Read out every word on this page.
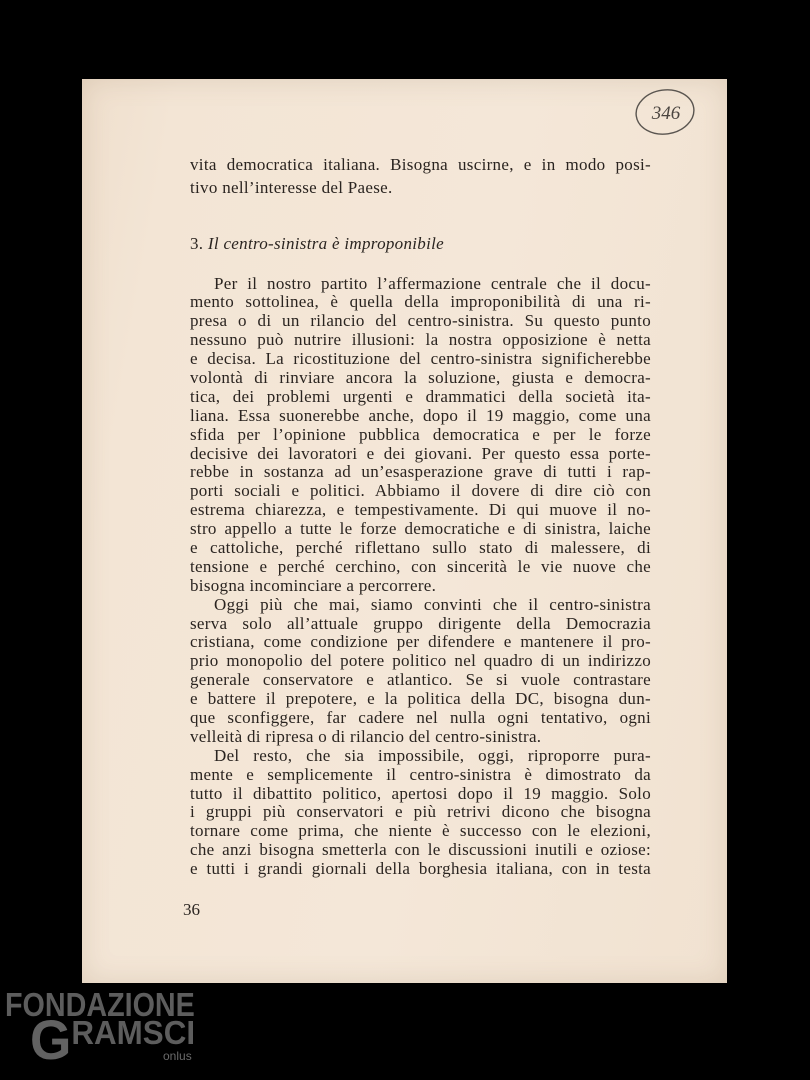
346
vita democratica italiana. Bisogna uscirne, e in modo posi-
tivo nell’interesse del Paese.
3. Il centro-sinistra è improponibile
Per il nostro partito l’affermazione centrale che il docu-
mento sottolinea, è quella della improponibilità di una ri-
presa o di un rilancio del centro-sinistra. Su questo punto
nessuno può nutrire illusioni: la nostra opposizione è netta
e decisa. La ricostituzione del centro-sinistra significherebbe
volontà di rinviare ancora la soluzione, giusta e democra-
tica, dei problemi urgenti e drammatici della società ita-
liana. Essa suonerebbe anche, dopo il 19 maggio, come una
sfida per l’opinione pubblica democratica e per le forze
decisive dei lavoratori e dei giovani. Per questo essa porte-
rebbe in sostanza ad un’esasperazione grave di tutti i rap-
porti sociali e politici. Abbiamo il dovere di dire ciò con
estrema chiarezza, e tempestivamente. Di qui muove il no-
stro appello a tutte le forze democratiche e di sinistra, laiche
e cattoliche, perché riflettano sullo stato di malessere, di
tensione e perché cerchino, con sincerità le vie nuove che
bisogna incominciare a percorrere.
Oggi più che mai, siamo convinti che il centro-sinistra
serva solo all’attuale gruppo dirigente della Democrazia
cristiana, come condizione per difendere e mantenere il pro-
prio monopolio del potere politico nel quadro di un indirizzo
generale conservatore e atlantico. Se si vuole contrastare
e battere il prepotere, e la politica della DC, bisogna dun-
que sconfiggere, far cadere nel nulla ogni tentativo, ogni
velleità di ripresa o di rilancio del centro-sinistra.
Del resto, che sia impossibile, oggi, riproporre pura-
mente e semplicemente il centro-sinistra è dimostrato da
tutto il dibattito politico, apertosi dopo il 19 maggio. Solo
i gruppi più conservatori e più retrivi dicono che bisogna
tornare come prima, che niente è successo con le elezioni,
che anzi bisogna smetterla con le discussioni inutili e oziose:
e tutti i grandi giornali della borghesia italiana, con in testa
36
FONDAZIONE
GRAMSCI
onlus
